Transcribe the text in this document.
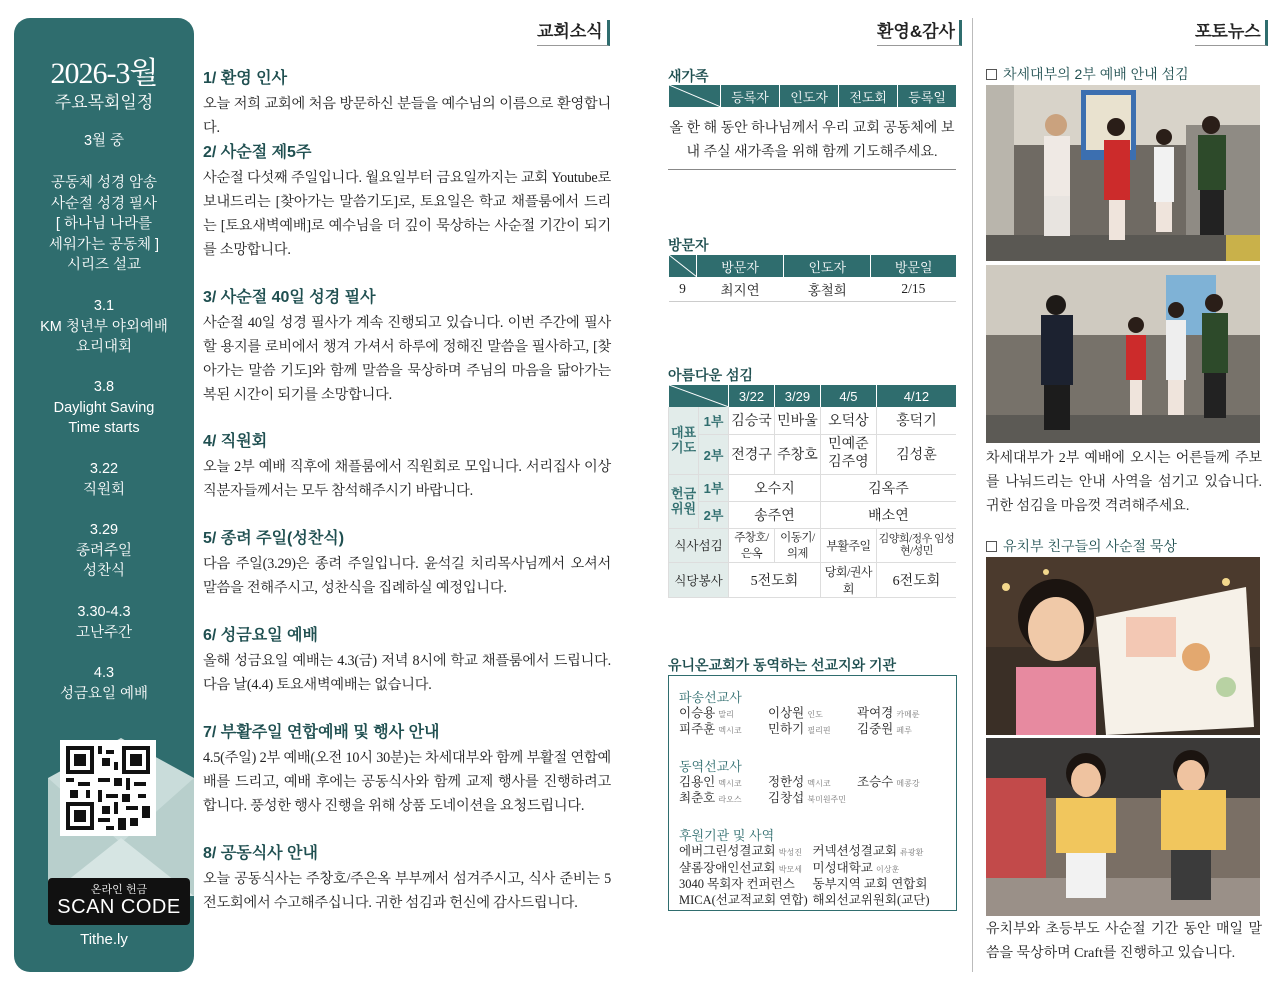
2026-3월
주요목회일정
3월 중
공동체 성경 암송
사순절 성경 필사
[ 하나님 나라를
세워가는 공동체 ]
시리즈 설교
3.1
KM 청년부 야외예배
요리대회
3.8
Daylight Saving
Time starts
3.22
직원회
3.29
종려주일
성찬식
3.30-4.3
고난주간
4.3
성금요일 예배
온라인 헌금
SCAN CODE
Tithe.ly
교회소식	환영&감사	포토뉴스
1/ 환영 인사
오늘 저희 교회에 처음 방문하신 분들을 예수님의 이름으로 환영합니다.
2/ 사순절 제5주
사순절 다섯째 주일입니다. 월요일부터 금요일까지는 교회 Youtube로 보내드리는 [찾아가는 말씀기도]로, 토요일은 학교 채플룸에서 드리는 [토요새벽예배]로 예수님을 더 깊이 묵상하는 사순절 기간이 되기를 소망합니다.
3/ 사순절 40일 성경 필사
사순절 40일 성경 필사가 계속 진행되고 있습니다. 이번 주간에 필사할 용지를 로비에서 챙겨 가셔서 하루에 정해진 말씀을 필사하고, [찾아가는 말씀 기도]와 함께 말씀을 묵상하며 주님의 마음을 닮아가는 복된 시간이 되기를 소망합니다.
4/ 직원회
오늘 2부 예배 직후에 채플룸에서 직원회로 모입니다. 서리집사 이상 직분자들께서는 모두 참석해주시기 바랍니다.
5/ 종려 주일(성찬식)
다음 주일(3.29)은 종려 주일입니다. 윤석길 치리목사님께서 오셔서 말씀을 전해주시고, 성찬식을 집례하실 예정입니다.
6/ 성금요일 예배
올해 성금요일 예배는 4.3(금) 저녁 8시에 학교 채플룸에서 드립니다. 다음 날(4.4) 토요새벽예배는 없습니다.
7/ 부활주일 연합예배 및 행사 안내
4.5(주일) 2부 예배(오전 10시 30분)는 차세대부와 함께 부활절 연합예배를 드리고, 예배 후에는 공동식사와 함께 교제 행사를 진행하려고 합니다. 풍성한 행사 진행을 위해 상품 도네이션을 요청드립니다.
8/ 공동식사 안내
오늘 공동식사는 주창호/주은옥 부부께서 섬겨주시고, 식사 준비는 5전도회에서 수고해주십니다. 귀한 섬김과 헌신에 감사드립니다.
새가족
	등록자	인도자	전도회	등록일
올 한 해 동안 하나님께서 우리 교회 공동체에 보내 주실 새가족을 위해 함께 기도해주세요.
방문자
	방문자	인도자	방문일
9	최지연	홍철희	2/15
아름다운 섬김
	3/22	3/29	4/5	4/12
대표기도	1부	김승국	민바울	오덕상	홍덕기
	2부	전경구	주창호	민예준 김주영	김성훈
헌금위원	1부	오수지		김옥주	
	2부	송주연		배소연	
식사섬김		주창호/은옥	이동기/의제	부활주일	김양희/정우 임성현/성민
식당봉사		5전도회		당회/권사회	6전도회
유니온교회가 동역하는 선교지와 기관
파송선교사
이승용 말리	이상원 인도	곽여경 카메룬
피주훈 멕시코	민하기 필리핀	김중원 페루
동역선교사
김용인 멕시코	정한성 멕시코	조승수 메콩강
최춘호 라오스	김창섭 북미원주민
후원기관 및 사역
에버그린성결교회 박성진 커넥션성결교회 류광환
샬롬장애인선교회 박모세 미성대학교 이상훈
3040 목회자 컨퍼런스	동부지역 교회 연합회
MICA(선교적교회 연합) 해외선교위원회(교단)
차세대부의 2부 예배 안내 섬김
차세대부가 2부 예배에 오시는 어른들께 주보를 나눠드리는 안내 사역을 섬기고 있습니다. 귀한 섬김을 마음껏 격려해주세요.
유치부 친구들의 사순절 묵상
유치부와 초등부도 사순절 기간 동안 매일 말씀을 묵상하며 Craft를 진행하고 있습니다.
